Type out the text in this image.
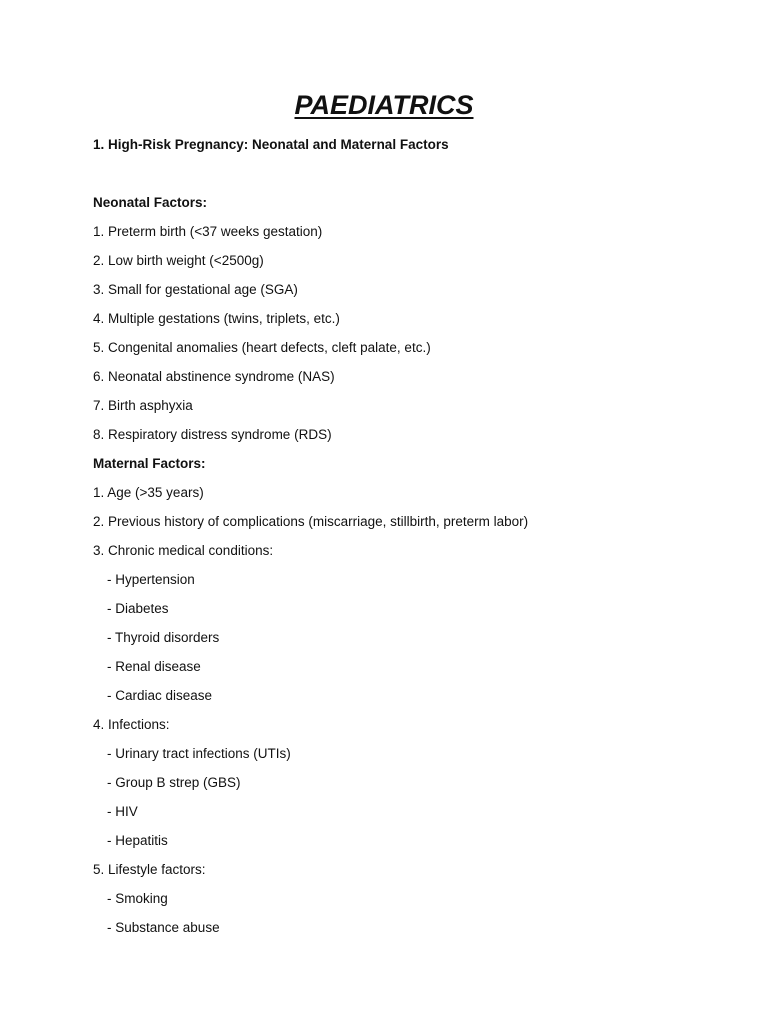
PAEDIATRICS
1. High-Risk Pregnancy: Neonatal and Maternal Factors
Neonatal Factors:
1. Preterm birth (<37 weeks gestation)
2. Low birth weight (<2500g)
3. Small for gestational age (SGA)
4. Multiple gestations (twins, triplets, etc.)
5. Congenital anomalies (heart defects, cleft palate, etc.)
6. Neonatal abstinence syndrome (NAS)
7. Birth asphyxia
8. Respiratory distress syndrome (RDS)
Maternal Factors:
1. Age (>35 years)
2. Previous history of complications (miscarriage, stillbirth, preterm labor)
3. Chronic medical conditions:
- Hypertension
- Diabetes
- Thyroid disorders
- Renal disease
- Cardiac disease
4. Infections:
- Urinary tract infections (UTIs)
- Group B strep (GBS)
- HIV
- Hepatitis
5. Lifestyle factors:
- Smoking
- Substance abuse
